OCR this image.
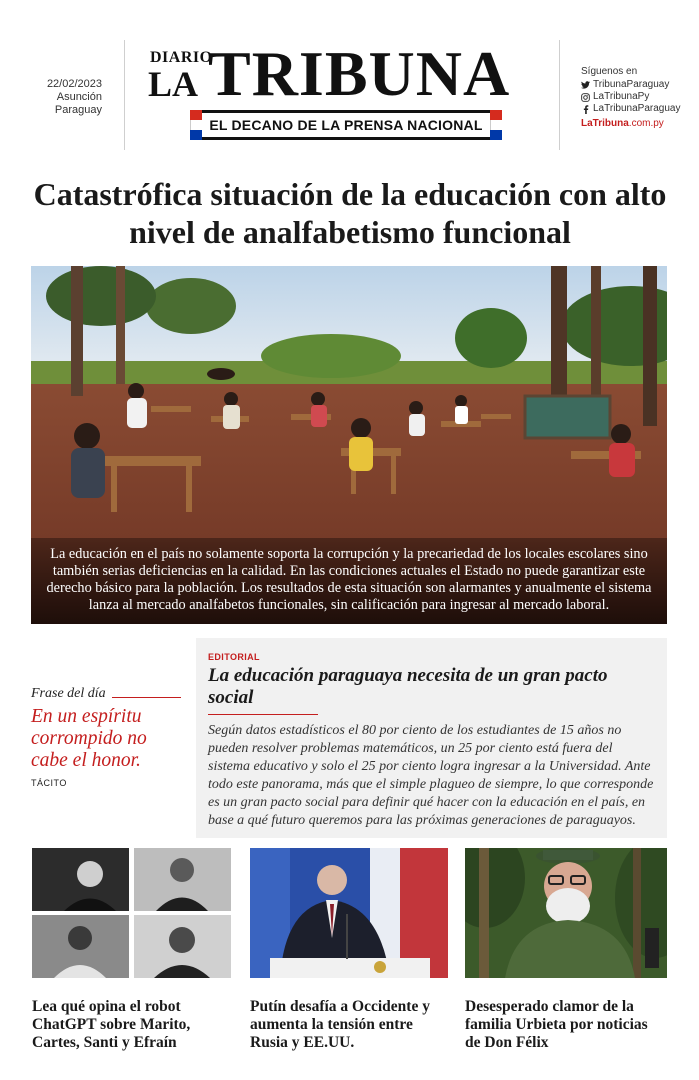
22/02/2023
Asunción
Paraguay
DIARIO
LA TRIBUNA
EL DECANO DE LA PRENSA NACIONAL
Síguenos en
TribunaParaguay
LaTribunaPy
LaTribunaParaguay
LaTribuna.com.py
Catastrófica situación de la educación con alto nivel de analfabetismo funcional
La educación en el país no solamente soporta la corrupción y la precariedad de los locales escolares sino también serias deficiencias en la calidad. En las condiciones actuales el Estado no puede garantizar este derecho básico para la población. Los resultados de esta situación son alarmantes y anualmente el sistema lanza al mercado analfabetos funcionales, sin calificación para ingresar al mercado laboral.
Frase del día
En un espíritu corrompido no cabe el honor.
TÁCITO
EDITORIAL
La educación paraguaya necesita de un gran pacto social

Según datos estadísticos el 80 por ciento de los estudiantes de 15 años no pueden resolver problemas matemáticos, un 25 por ciento está fuera del sistema educativo y solo el 25 por ciento logra ingresar a la Universidad. Ante todo este panorama, más que el simple plagueo de siempre, lo que corresponde es un gran pacto social para definir qué hacer con la educación en el país, en base a qué futuro queremos para las próximas generaciones de paraguayos.

Lea qué opina el robot ChatGPT sobre Marito, Cartes, Santi y Efraín
Putín desafía a Occidente y aumenta la tensión entre Rusia y EE.UU.
Desesperado clamor de la familia Urbieta por noticias de Don Félix
